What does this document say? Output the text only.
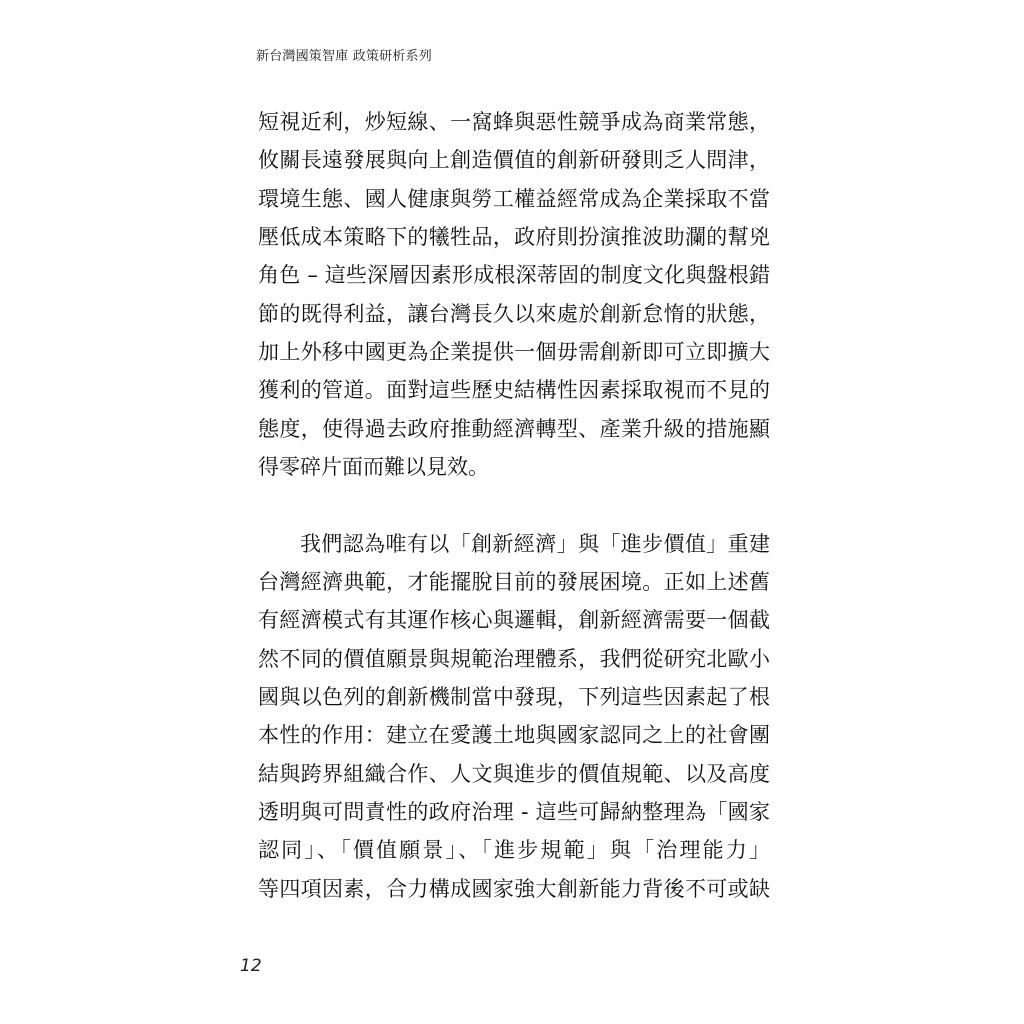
新台灣國策智庫 政策研析系列
短視近利，炒短線、一窩蜂與惡性競爭成為商業常態，
攸關長遠發展與向上創造價值的創新研發則乏人問津，
環境生態、國人健康與勞工權益經常成為企業採取不當
壓低成本策略下的犧牲品，政府則扮演推波助瀾的幫兇
角色 – 這些深層因素形成根深蒂固的制度文化與盤根錯
節的既得利益，讓台灣長久以來處於創新怠惰的狀態，
加上外移中國更為企業提供一個毋需創新即可立即擴大
獲利的管道。面對這些歷史結構性因素採取視而不見的
態度，使得過去政府推動經濟轉型、產業升級的措施顯
得零碎片面而難以見效。
我們認為唯有以「創新經濟」與「進步價值」重建
台灣經濟典範，才能擺脫目前的發展困境。正如上述舊
有經濟模式有其運作核心與邏輯，創新經濟需要一個截
然不同的價值願景與規範治理體系，我們從研究北歐小
國與以色列的創新機制當中發現，下列這些因素起了根
本性的作用：建立在愛護土地與國家認同之上的社會團
結與跨界組織合作、人文與進步的價值規範、以及高度
透明與可問責性的政府治理 - 這些可歸納整理為「國家
認同」、「價值願景」、「進步規範」與「治理能力」
等四項因素，合力構成國家強大創新能力背後不可或缺
12
